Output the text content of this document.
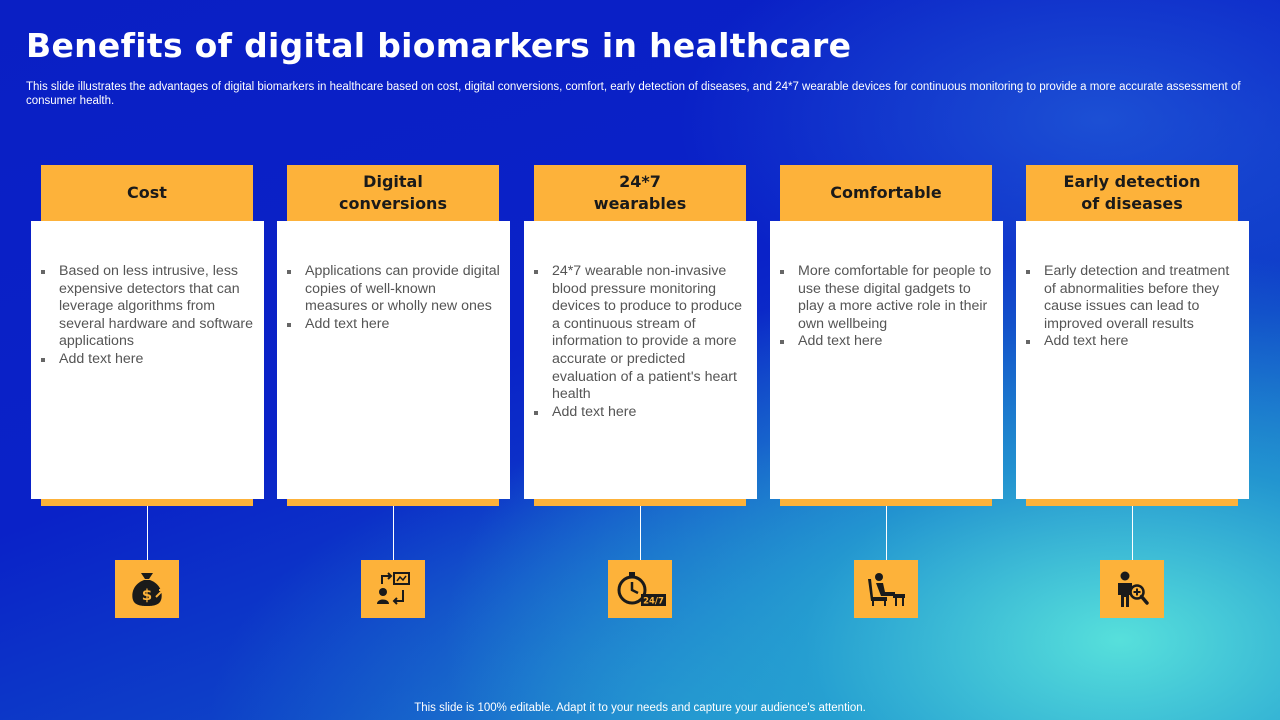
Benefits of digital biomarkers in healthcare

This slide illustrates the advantages of digital biomarkers in healthcare based on cost, digital conversions, comfort, early detection of diseases, and 24*7 wearable devices for continuous monitoring to provide a more accurate assessment of consumer health.

Cost
Based on less intrusive, less expensive detectors that can leverage algorithms from several hardware and software applications
Add text here
$
Digital
conversions
Applications can provide digital copies of well-known measures or wholly new ones
Add text here
24*7
wearables
24*7 wearable non-invasive blood pressure monitoring devices to produce to produce a continuous stream of information to provide a more accurate or predicted evaluation of a patient's heart health
Add text here
24/7
Comfortable
More comfortable for people to use these digital gadgets to play a more active role in their own wellbeing
Add text here
Early detection
of diseases
Early detection and treatment of abnormalities before they cause issues can lead to improved overall results
Add text here
This slide is 100% editable. Adapt it to your needs and capture your audience's attention.
